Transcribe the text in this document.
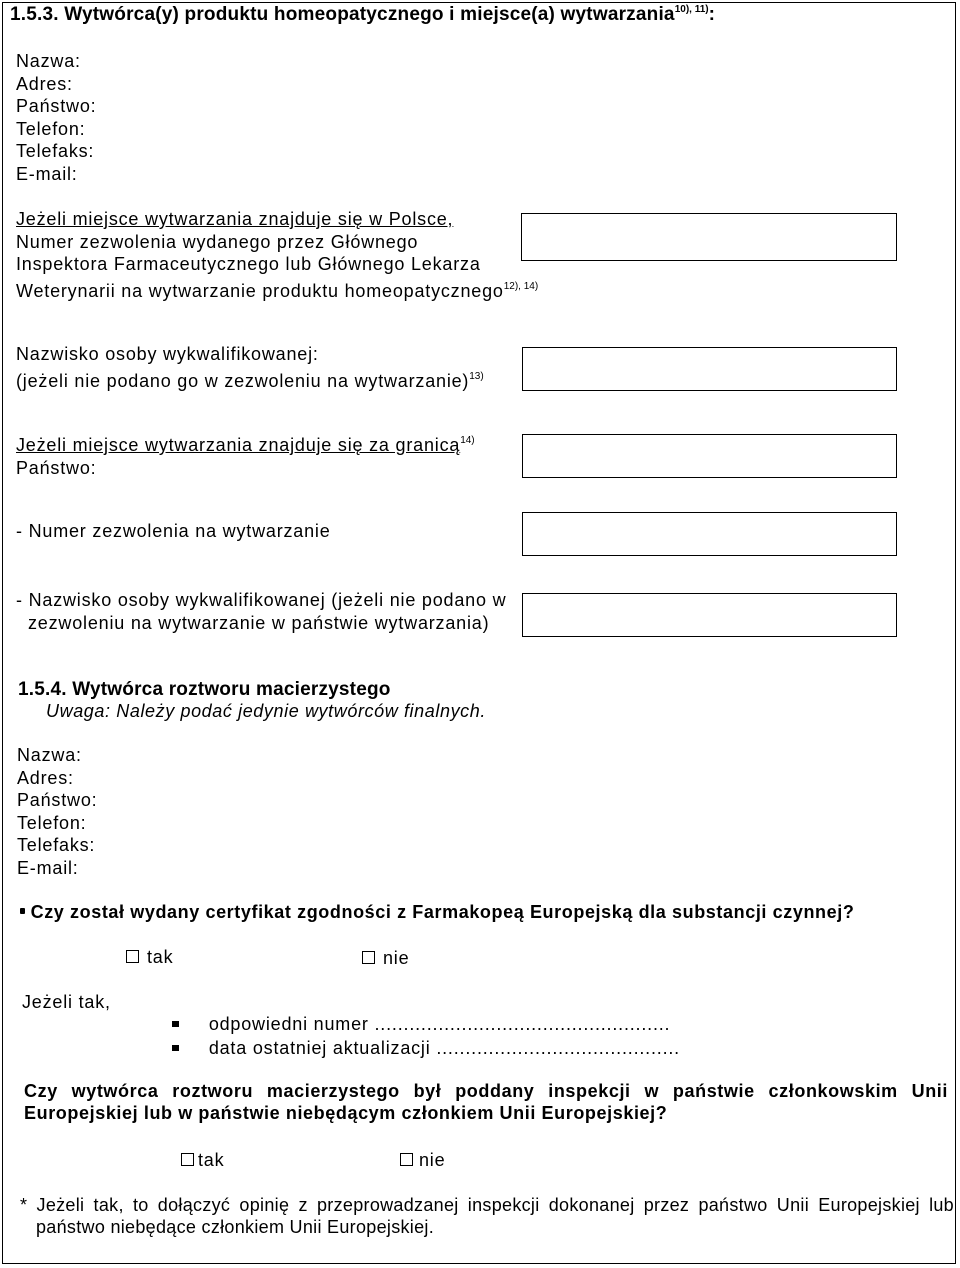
1.5.3. Wytwórca(y) produktu homeopatycznego i miejsce(a) wytwarzania$^{10), 11)}$:
Nazwa:
Adres:
Państwo:
Telefon:
Telefaks:
E-mail:
Jeżeli miejsce wytwarzania znajduje się w Polsce,
Numer zezwolenia wydanego przez Głównego
Inspektora Farmaceutycznego lub Głównego Lekarza
Weterynarii na wytwarzanie produktu homeopatycznego$^{12), 14)}$
Nazwisko osoby wykwalifikowanej:
(jeżeli nie podano go w zezwoleniu na wytwarzanie)$^{13)}$
Jeżeli miejsce wytwarzania znajduje się za granicą$^{14)}$
Państwo:
- Numer zezwolenia na wytwarzanie
- Nazwisko osoby wykwalifikowanej (jeżeli nie podano w
zezwoleniu na wytwarzanie w państwie wytwarzania)
1.5.4. Wytwórca roztworu macierzystego
Uwaga: Należy podać jedynie wytwórców finalnych.
Nazwa:
Adres:
Państwo:
Telefon:
Telefaks:
E-mail:
Czy został wydany certyfikat zgodności z Farmakopeą Europejską dla substancji czynnej?
tak	nie
Jeżeli tak,
odpowiedni numer ...................................................
data ostatniej aktualizacji ..........................................
Czy wytwórca roztworu macierzystego był poddany inspekcji w państwie członkowskim Unii
Europejskiej lub w państwie niebędącym członkiem Unii Europejskiej?
tak	nie
* Jeżeli tak, to dołączyć opinię z przeprowadzanej inspekcji dokonanej przez państwo Unii Europejskiej lub
państwo niebędące członkiem Unii Europejskiej.
